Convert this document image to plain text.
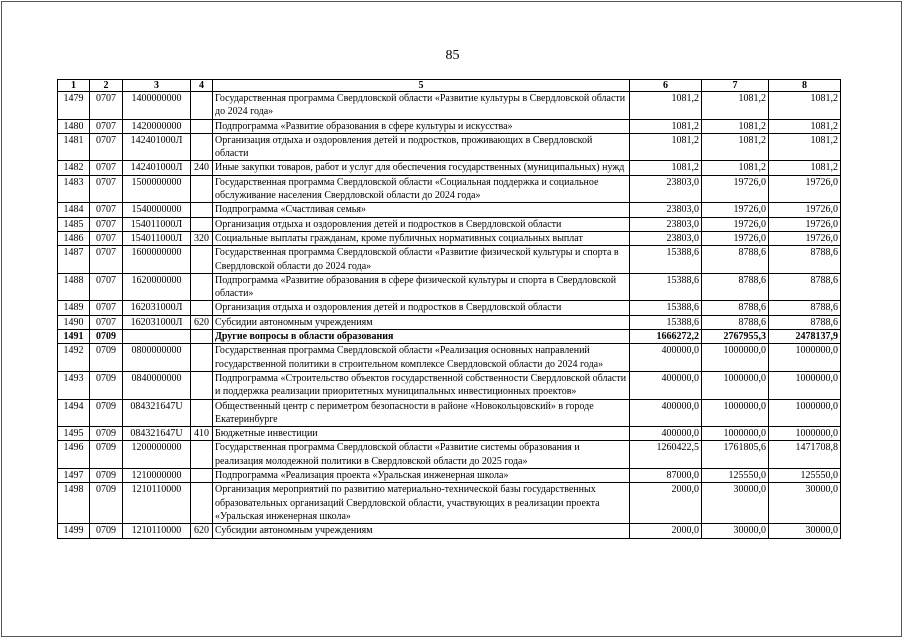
85
1	2	3	4	5	6	7	8
1479	0707	1400000000		Государственная программа Свердловской области «Развитие культуры в Свердловской области до 2024 года»	1081,2	1081,2	1081,2
1480	0707	1420000000		Подпрограмма «Развитие образования в сфере культуры и искусства»	1081,2	1081,2	1081,2
1481	0707	142401000Л		Организация отдыха и оздоровления детей и подростков, проживающих в Свердловской области	1081,2	1081,2	1081,2
1482	0707	142401000Л	240	Иные закупки товаров, работ и услуг для обеспечения государственных (муниципальных) нужд	1081,2	1081,2	1081,2
1483	0707	1500000000		Государственная программа Свердловской области «Социальная поддержка и социальное обслуживание населения Свердловской области до 2024 года»	23803,0	19726,0	19726,0
1484	0707	1540000000		Подпрограмма «Счастливая семья»	23803,0	19726,0	19726,0
1485	0707	154011000Л		Организация отдыха и оздоровления детей и подростков в Свердловской области	23803,0	19726,0	19726,0
1486	0707	154011000Л	320	Социальные выплаты гражданам, кроме публичных нормативных социальных выплат	23803,0	19726,0	19726,0
1487	0707	1600000000		Государственная программа Свердловской области «Развитие физической культуры и спорта в Свердловской области до 2024 года»	15388,6	8788,6	8788,6
1488	0707	1620000000		Подпрограмма «Развитие образования в сфере физической культуры и спорта в Свердловской области»	15388,6	8788,6	8788,6
1489	0707	162031000Л		Организация отдыха и оздоровления детей и подростков в Свердловской области	15388,6	8788,6	8788,6
1490	0707	162031000Л	620	Субсидии автономным учреждениям	15388,6	8788,6	8788,6
1491	0709			Другие вопросы в области образования	1666272,2	2767955,3	2478137,9
1492	0709	0800000000		Государственная программа Свердловской области «Реализация основных направлений государственной политики в строительном комплексе Свердловской области до 2024 года»	400000,0	1000000,0	1000000,0
1493	0709	0840000000		Подпрограмма «Строительство объектов государственной собственности Свердловской области и поддержка реализации приоритетных муниципальных инвестиционных проектов»	400000,0	1000000,0	1000000,0
1494	0709	084321647U		Общественный центр с периметром безопасности в районе «Новокольцовский» в городе Екатеринбурге	400000,0	1000000,0	1000000,0
1495	0709	084321647U	410	Бюджетные инвестиции	400000,0	1000000,0	1000000,0
1496	0709	1200000000		Государственная программа Свердловской области «Развитие системы образования и реализация молодежной политики в Свердловской области до 2025 года»	1260422,5	1761805,6	1471708,8
1497	0709	1210000000		Подпрограмма «Реализация проекта «Уральская инженерная школа»	87000,0	125550,0	125550,0
1498	0709	1210110000		Организация мероприятий по развитию материально-технической базы государственных образовательных организаций Свердловской области, участвующих в реализации проекта «Уральская инженерная школа»	2000,0	30000,0	30000,0
1499	0709	1210110000	620	Субсидии автономным учреждениям	2000,0	30000,0	30000,0
